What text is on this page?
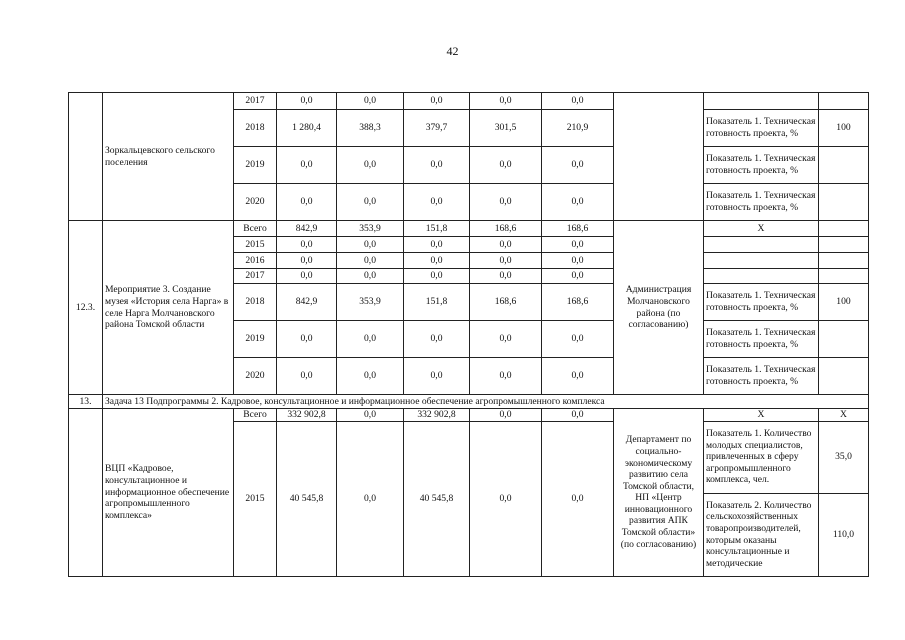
42
	Зоркальцевского сельского поселения	2017	0,0	0,0	0,0	0,0	0,0			
		2018	1 280,4	388,3	379,7	301,5	210,9		Показатель 1. Техническая готовность проекта, %	100
		2019	0,0	0,0	0,0	0,0	0,0		Показатель 1. Техническая готовность проекта, %	
		2020	0,0	0,0	0,0	0,0	0,0		Показатель 1. Техническая готовность проекта, %	
12.3.	Мероприятие 3. Создание музея «История села Нарга» в селе Нарга Молчановского района Томской области	Всего	842,9	353,9	151,8	168,6	168,6	Администрация Молчановского района (по согласованию)	X	
		2015	0,0	0,0	0,0	0,0	0,0			
		2016	0,0	0,0	0,0	0,0	0,0			
		2017	0,0	0,0	0,0	0,0	0,0			
		2018	842,9	353,9	151,8	168,6	168,6		Показатель 1. Техническая готовность проекта, %	100
		2019	0,0	0,0	0,0	0,0	0,0		Показатель 1. Техническая готовность проекта, %	
		2020	0,0	0,0	0,0	0,0	0,0		Показатель 1. Техническая готовность проекта, %	
13.	Задача 13 Подпрограммы 2. Кадровое, консультационное и информационное обеспечение агропромышленного комплекса									
	ВЦП «Кадровое, консультационное и информационное обеспечение агропромышленного комплекса»	Всего	332 902,8	0,0	332 902,8	0,0	0,0	Департамент по социально-экономическому развитию села Томской области, НП «Центр инновационного развития АПК Томской области» (по согласованию)	X	X
		2015	40 545,8	0,0	40 545,8	0,0	0,0		Показатель 1. Количество молодых специалистов, привлеченных в сферу агропромышленного комплекса, чел.	35,0
									Показатель 2. Количество сельскохозяйственных товаропроизводителей, которым оказаны консультационные и методические	110,0
